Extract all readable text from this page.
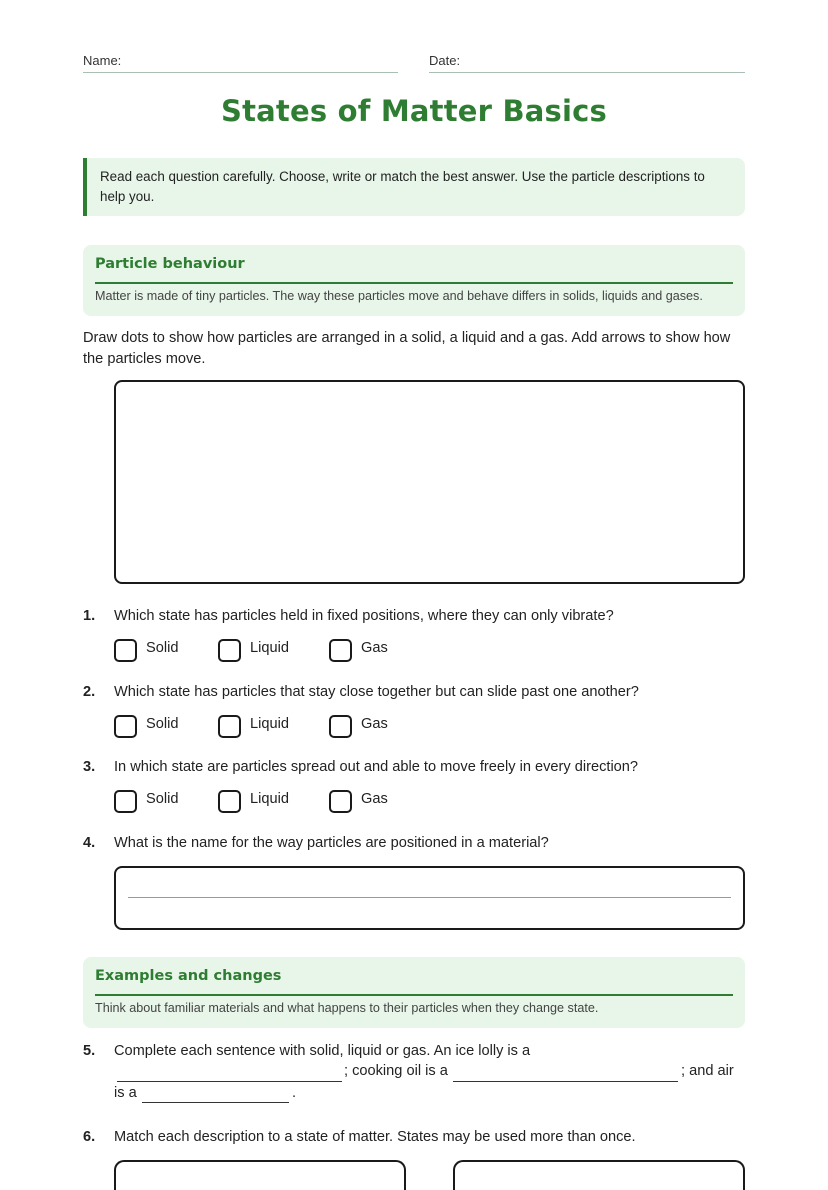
Name:	Date:
States of Matter Basics
Read each question carefully. Choose, write or match the best answer. Use the particle descriptions to help you.
Particle behaviour
Matter is made of tiny particles. The way these particles move and behave differs in solids, liquids and gases.
Draw dots to show how particles are arranged in a solid, a liquid and a gas. Add arrows to show how the particles move.
1. Which state has particles held in fixed positions, where they can only vibrate?
Solid	Liquid	Gas
2. Which state has particles that stay close together but can slide past one another?
Solid	Liquid	Gas
3. In which state are particles spread out and able to move freely in every direction?
Solid	Liquid	Gas
4. What is the name for the way particles are positioned in a material?
Examples and changes
Think about familiar materials and what happens to their particles when they change state.
5. Complete each sentence with solid, liquid or gas. An ice lolly is a
; cooking oil is a	; and air
is a	.
6. Match each description to a state of matter. States may be used more than once.
